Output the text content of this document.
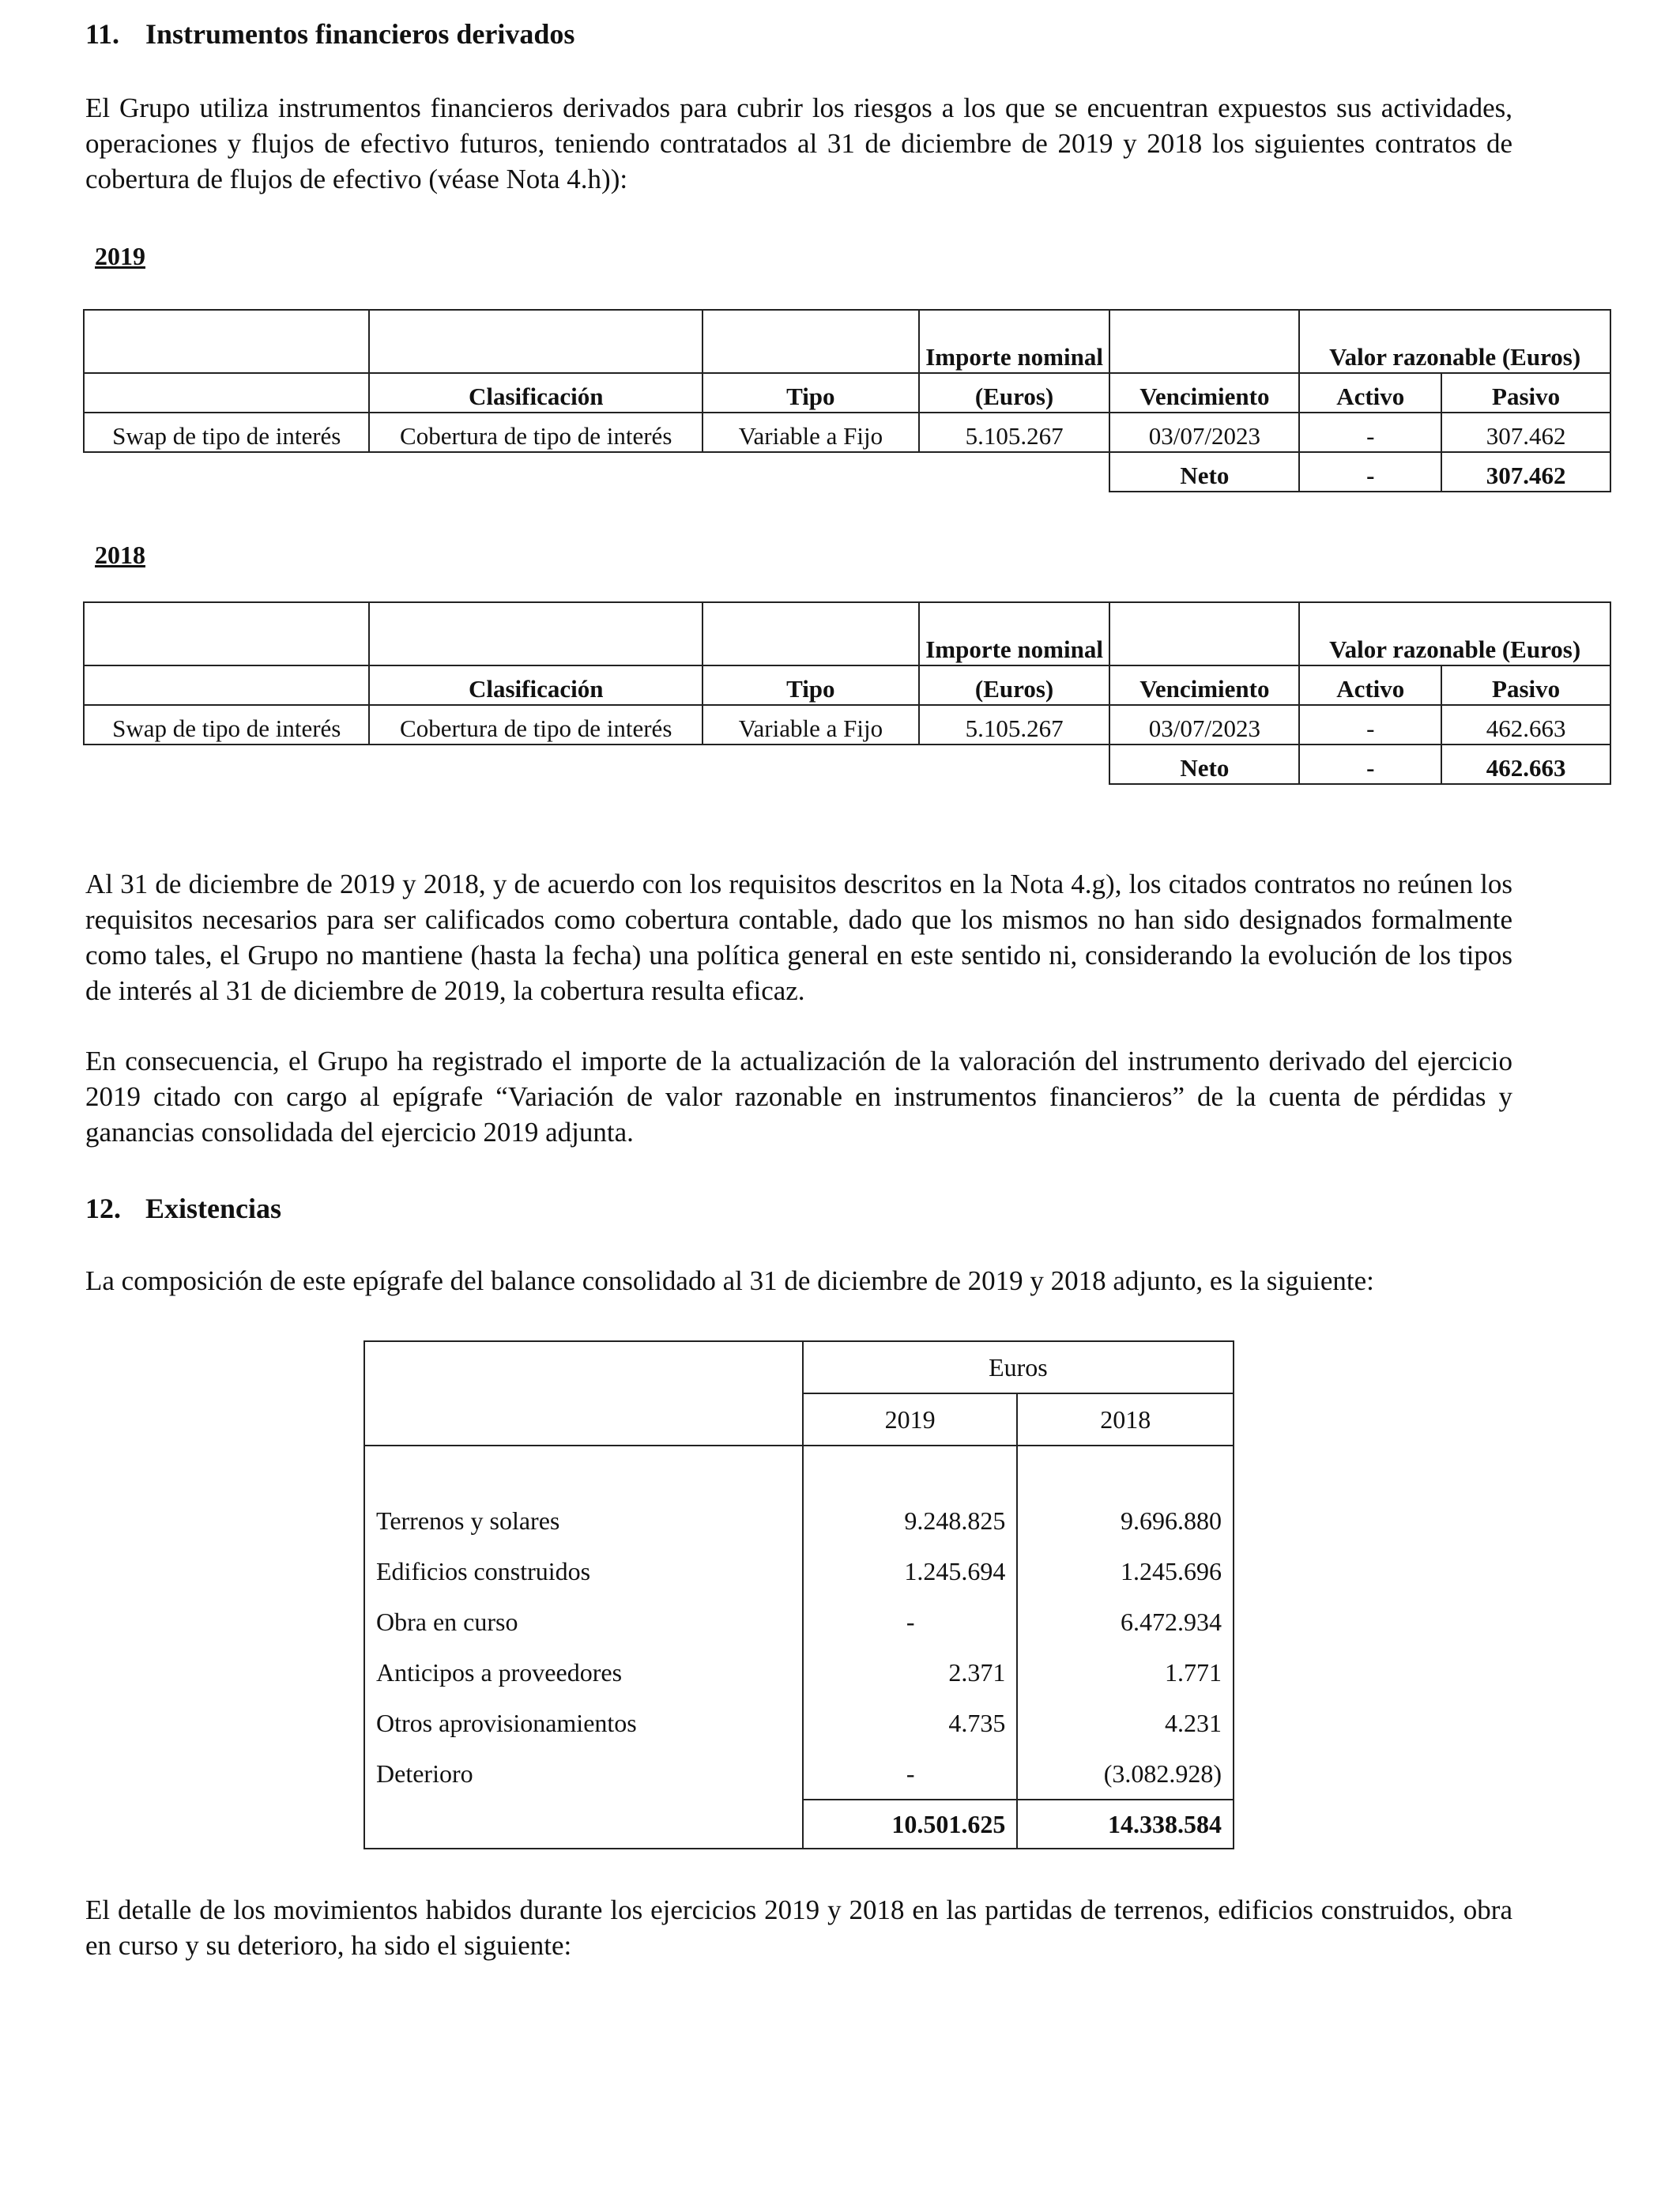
11. Instrumentos financieros derivados

El Grupo utiliza instrumentos financieros derivados para cubrir los riesgos a los que se encuentran expuestos sus actividades, operaciones y flujos de efectivo futuros, teniendo contratados al 31 de diciembre de 2019 y 2018 los siguientes contratos de cobertura de flujos de efectivo (véase Nota 4.h)):

2019
			Importe nominal		Valor razonable (Euros)	
	Clasificación	Tipo	(Euros)	Vencimiento	Activo	Pasivo
Swap de tipo de interés	Cobertura de tipo de interés	Variable a Fijo	5.105.267	03/07/2023	-	307.462
				Neto	-	307.462
2018
			Importe nominal		Valor razonable (Euros)	
	Clasificación	Tipo	(Euros)	Vencimiento	Activo	Pasivo
Swap de tipo de interés	Cobertura de tipo de interés	Variable a Fijo	5.105.267	03/07/2023	-	462.663
				Neto	-	462.663

Al 31 de diciembre de 2019 y 2018, y de acuerdo con los requisitos descritos en la Nota 4.g), los citados contratos no reúnen los requisitos necesarios para ser calificados como cobertura contable, dado que los mismos no han sido designados formalmente como tales, el Grupo no mantiene (hasta la fecha) una política general en este sentido ni, considerando la evolución de los tipos de interés al 31 de diciembre de 2019, la cobertura resulta eficaz.

En consecuencia, el Grupo ha registrado el importe de la actualización de la valoración del instrumento derivado del ejercicio 2019 citado con cargo al epígrafe “Variación de valor razonable en instrumentos financieros” de la cuenta de pérdidas y ganancias consolidada del ejercicio 2019 adjunta.

12. Existencias

La composición de este epígrafe del balance consolidado al 31 de diciembre de 2019 y 2018 adjunto, es la siguiente:

	Euros	
	2019	2018

Terrenos y solares	9.248.825	9.696.880
Edificios construidos	1.245.694	1.245.696
Obra en curso	-	6.472.934
Anticipos a proveedores	2.371	1.771
Otros aprovisionamientos	4.735	4.231
Deterioro	-	(3.082.928)
	10.501.625	14.338.584

El detalle de los movimientos habidos durante los ejercicios 2019 y 2018 en las partidas de terrenos, edificios construidos, obra en curso y su deterioro, ha sido el siguiente:
